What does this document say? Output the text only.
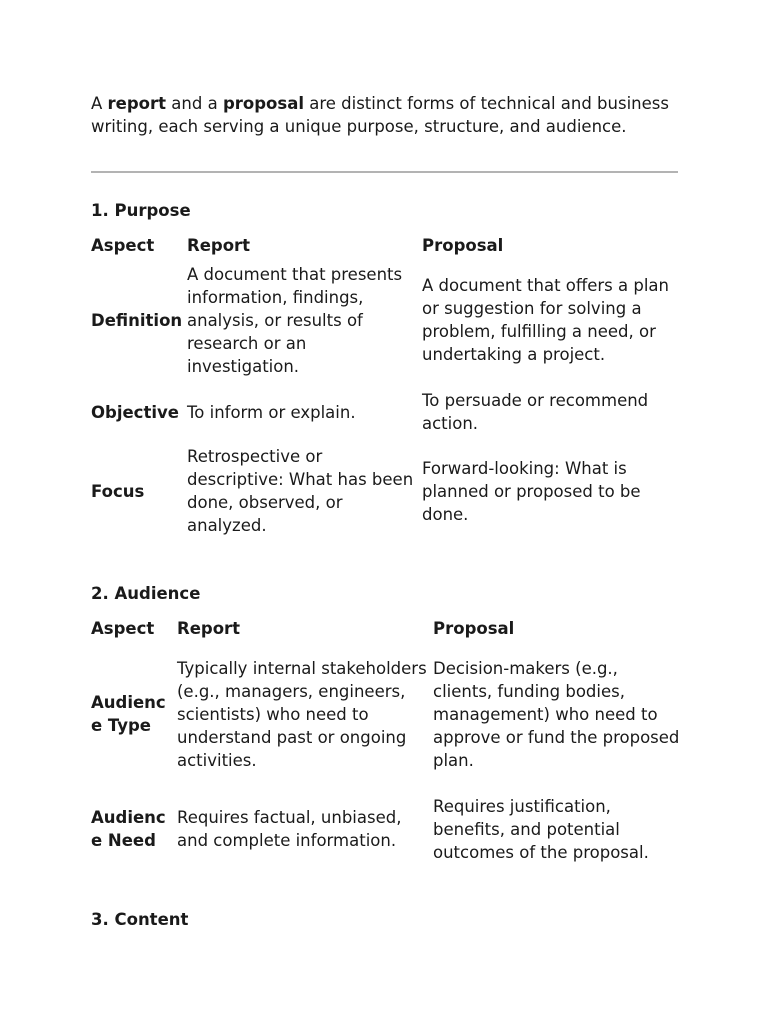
A report and a proposal are distinct forms of technical and business writing, each serving a unique purpose, structure, and audience.

1. Purpose
Aspect	Report	Proposal
Definition	A document that presents information, findings, analysis, or results of research or an investigation.	A document that offers a plan or suggestion for solving a problem, fulfilling a need, or undertaking a project.
Objective	To inform or explain.	To persuade or recommend action.
Focus	Retrospective or descriptive: What has been done, observed, or analyzed.	Forward-looking: What is planned or proposed to be done.
2. Audience
Aspect	Report	Proposal
Audience Type	Typically internal stakeholders (e.g., managers, engineers, scientists) who need to understand past or ongoing activities.	Decision-makers (e.g., clients, funding bodies, management) who need to approve or fund the proposed plan.
Audience Need	Requires factual, unbiased, and complete information.	Requires justification, benefits, and potential outcomes of the proposal.
3. Content
